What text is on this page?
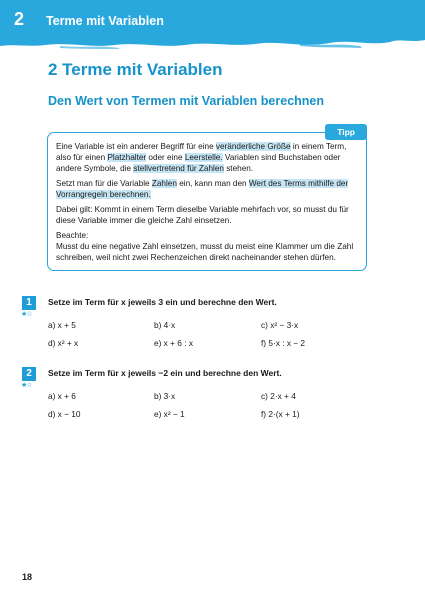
2 Terme mit Variablen
2 Terme mit Variablen
Den Wert von Termen mit Variablen berechnen
Tipp

Eine Variable ist ein anderer Begriff für eine veränderliche Größe in einem Term, also für einen Platzhalter oder eine Leerstelle. Variablen sind Buchstaben oder andere Symbole, die stellvertretend für Zahlen stehen.

Setzt man für die Variable Zahlen ein, kann man den Wert des Terms mithilfe der Vorrangregeln berechnen.

Dabei gilt: Kommt in einem Term dieselbe Variable mehrfach vor, so musst du für diese Variable immer die gleiche Zahl einsetzen.

Beachte:

Musst du eine negative Zahl einsetzen, musst du meist eine Klammer um die Zahl schreiben, weil nicht zwei Rechenzeichen direkt nacheinander stehen dürfen.

1
★☆
Setze im Term für x jeweils 3 ein und berechne den Wert.
a) x + 5	b) 4·x	c) x² − 3·x
d) x² + x	e) x + 6 : x	f) 5·x : x − 2
2
★☆
Setze im Term für x jeweils −2 ein und berechne den Wert.
a) x + 6	b) 3·x	c) 2·x + 4
d) x − 10	e) x² − 1	f) 2·(x + 1)
18
